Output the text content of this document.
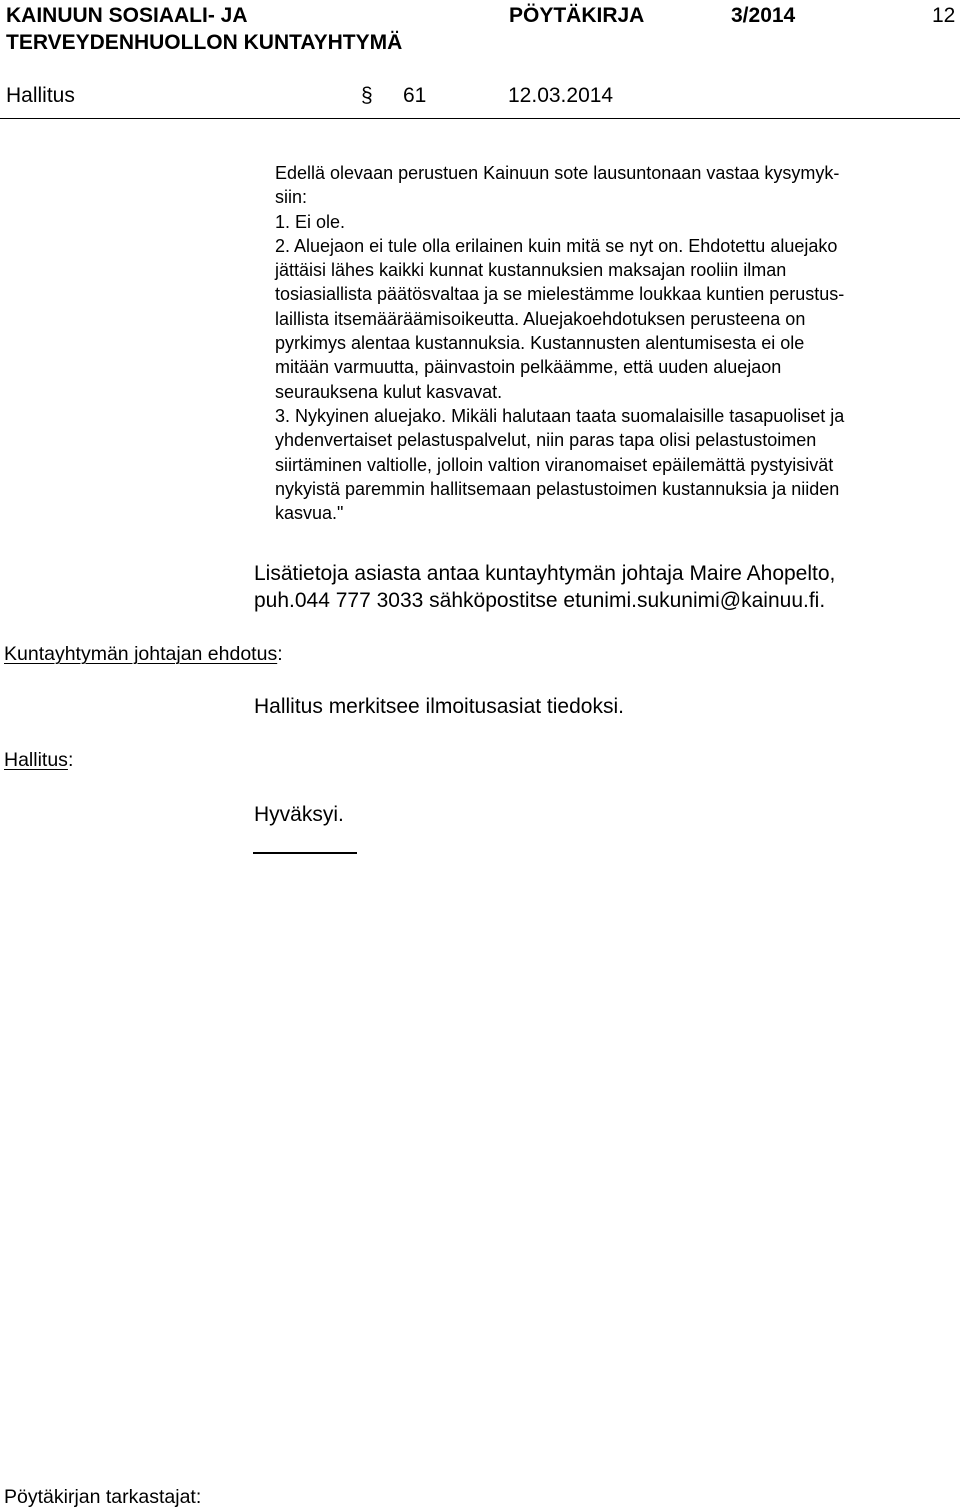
KAINUUN SOSIAALI- JA
TERVEYDENHUOLLON KUNTAYHTYMÄ
PÖYTÄKIRJA	3/2014	12
Hallitus	§ 61	12.03.2014
Edellä olevaan perustuen Kainuun sote lausuntonaan vastaa kysymyk-
siin:
1. Ei ole.
2. Aluejaon ei tule olla erilainen kuin mitä se nyt on. Ehdotettu aluejako
jättäisi lähes kaikki kunnat kustannuksien maksajan rooliin ilman
tosiasiallista päätösvaltaa ja se mielestämme loukkaa kuntien perustus-
laillista itsemääräämisoikeutta. Aluejakoehdotuksen perusteena on
pyrkimys alentaa kustannuksia. Kustannusten alentumisesta ei ole
mitään varmuutta, päinvastoin pelkäämme, että uuden aluejaon
seurauksena kulut kasvavat.
3. Nykyinen aluejako. Mikäli halutaan taata suomalaisille tasapuoliset ja
yhdenvertaiset pelastuspalvelut, niin paras tapa olisi pelastustoimen
siirtäminen valtiolle, jolloin valtion viranomaiset epäilemättä pystyisivät
nykyistä paremmin hallitsemaan pelastustoimen kustannuksia ja niiden
kasvua."
Lisätietoja asiasta antaa kuntayhtymän johtaja Maire Ahopelto,
puh.044 777 3033 sähköpostitse etunimi.sukunimi@kainuu.fi.
Kuntayhtymän johtajan ehdotus:
Hallitus merkitsee ilmoitusasiat tiedoksi.
Hallitus:
Hyväksyi.
Pöytäkirjan tarkastajat:
